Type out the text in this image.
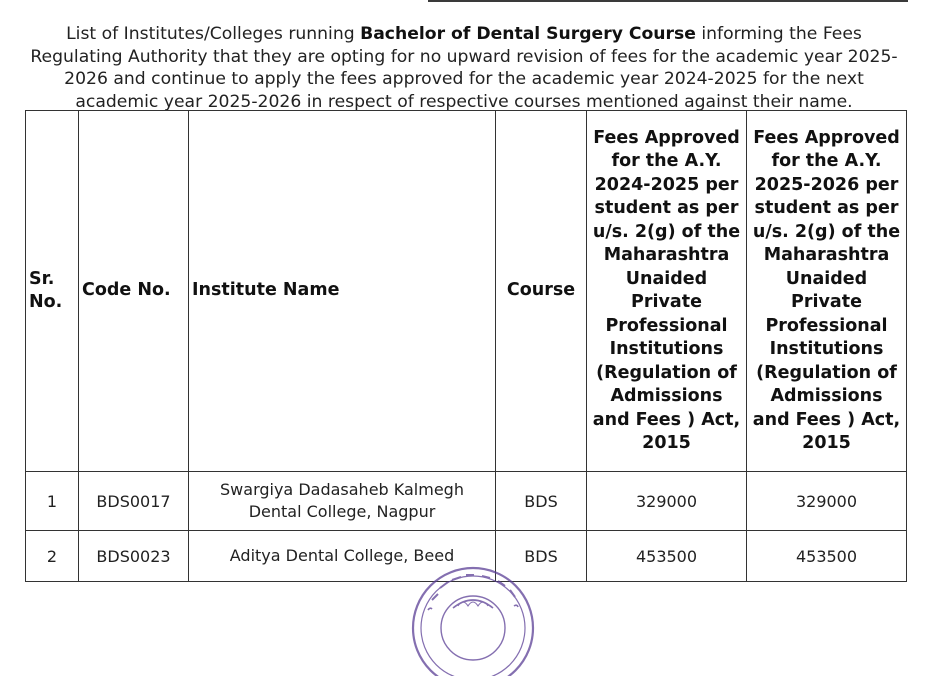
List of Institutes/Colleges running Bachelor of Dental Surgery Course informing the Fees Regulating Authority that they are opting for no upward revision of fees for the academic year 2025-2026 and continue to apply the fees approved for the academic year 2024-2025 for the next academic year 2025-2026 in respect of respective courses mentioned against their name.

Sr. No.	Code No.	Institute Name	Course	Fees Approved for the A.Y. 2024-2025 per student as per u/s. 2(g) of the Maharashtra Unaided Private Professional Institutions (Regulation of Admissions and Fees ) Act, 2015	Fees Approved for the A.Y. 2025-2026 per student as per u/s. 2(g) of the Maharashtra Unaided Private Professional Institutions (Regulation of Admissions and Fees ) Act, 2015
1	BDS0017	Swargiya Dadasaheb Kalmegh Dental College, Nagpur	BDS	329000	329000
2	BDS0023	Aditya Dental College, Beed	BDS	453500	453500
